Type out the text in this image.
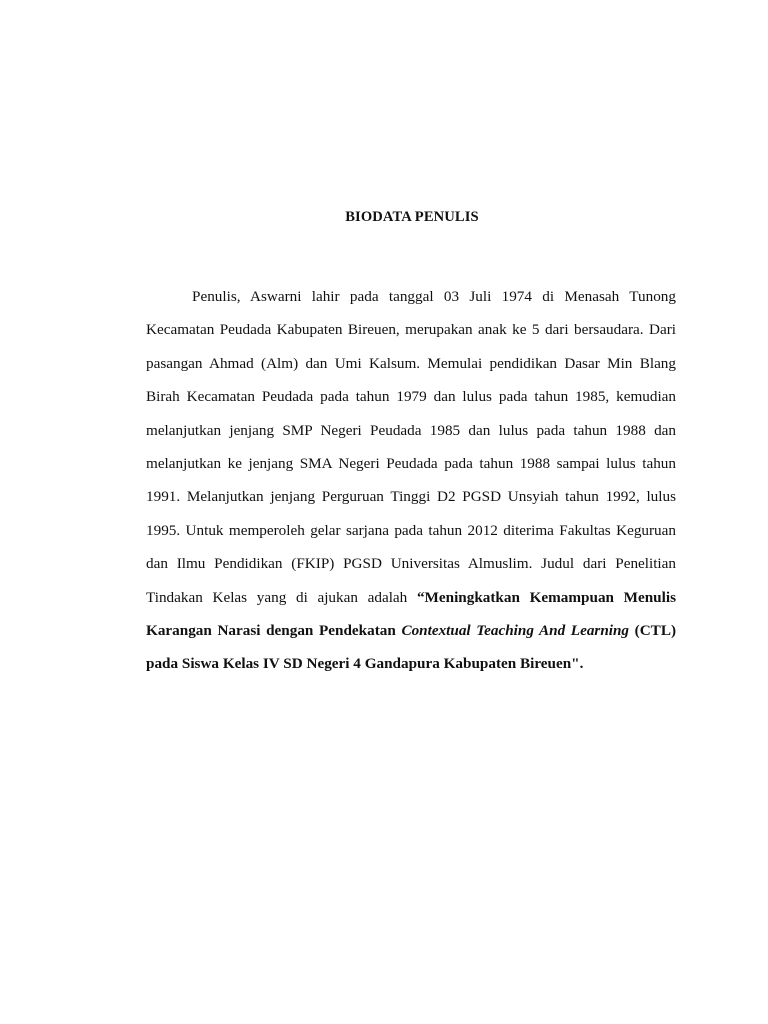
BIODATA PENULIS

Penulis, Aswarni lahir pada tanggal 03 Juli 1974 di Menasah Tunong Kecamatan Peudada Kabupaten Bireuen, merupakan anak ke 5 dari bersaudara. Dari pasangan Ahmad (Alm) dan Umi Kalsum. Memulai pendidikan Dasar Min Blang Birah Kecamatan Peudada pada tahun 1979 dan lulus pada tahun 1985, kemudian melanjutkan jenjang SMP Negeri Peudada 1985 dan lulus pada tahun 1988 dan melanjutkan ke jenjang SMA Negeri Peudada pada tahun 1988 sampai lulus tahun 1991. Melanjutkan jenjang Perguruan Tinggi D2 PGSD Unsyiah tahun 1992, lulus 1995. Untuk memperoleh gelar sarjana pada tahun 2012 diterima Fakultas Keguruan dan Ilmu Pendidikan (FKIP) PGSD Universitas Almuslim. Judul dari Penelitian Tindakan Kelas yang di ajukan adalah “Meningkatkan Kemampuan Menulis Karangan Narasi dengan Pendekatan Contextual Teaching And Learning (CTL) pada Siswa Kelas IV SD Negeri 4 Gandapura Kabupaten Bireuen".
